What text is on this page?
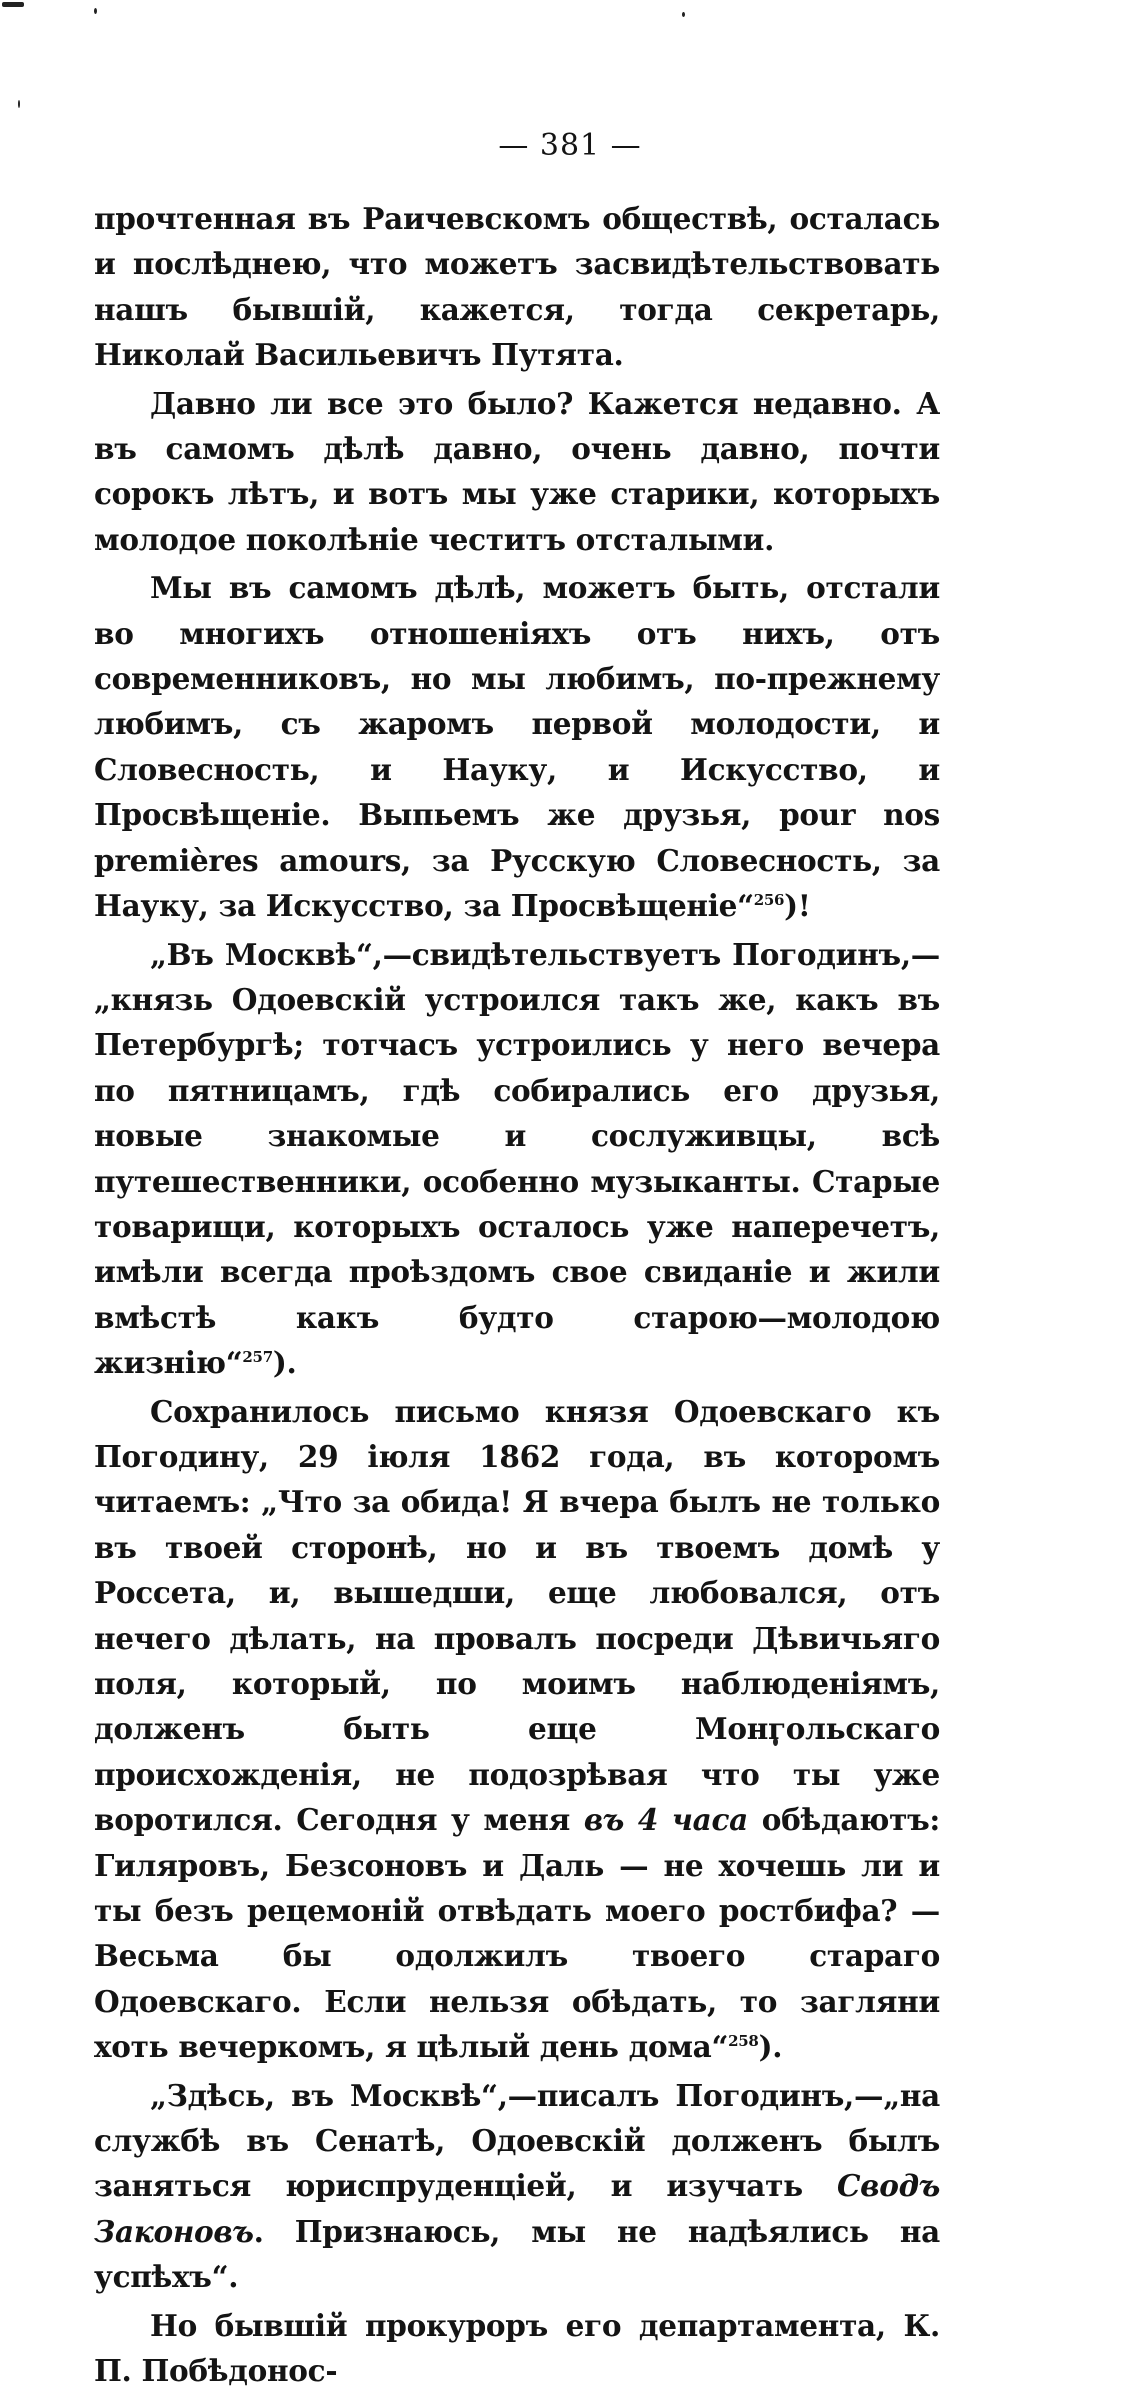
— 381 —

прочтенная въ Раичевскомъ обществѣ, осталась и послѣднею, что можетъ засвидѣтельствовать нашъ бывшій, кажется, тогда секретарь, Николай Васильевичъ Путята.

Давно ли все это было? Кажется недавно. А въ самомъ дѣлѣ давно, очень давно, почти сорокъ лѣтъ, и вотъ мы уже старики, которыхъ молодое поколѣніе честитъ отсталыми.

Мы въ самомъ дѣлѣ, можетъ быть, отстали во многихъ отношеніяхъ отъ нихъ, отъ современниковъ, но мы любимъ, по-прежнему любимъ, съ жаромъ первой молодости, и Словесность, и Науку, и Искусство, и Просвѣщеніе. Выпьемъ же друзья, pour nos premières amours, за Русскую Словесность, за Науку, за Искусство, за Просвѣщеніе“$^{256}$)!

„Въ Москвѣ“,—свидѣтельствуетъ Погодинъ,—„князь Одоевскій устроился такъ же, какъ въ Петербургѣ; тотчасъ устроились у него вечера по пятницамъ, гдѣ собирались его друзья, новые знакомые и сослуживцы, всѣ путешественники, особенно музыканты. Старые товарищи, которыхъ осталось уже наперечетъ, имѣли всегда проѣздомъ свое свиданіе и жили вмѣстѣ какъ будто старою—молодою жизнію“$^{257}$).

Сохранилось письмо князя Одоевскаго къ Погодину, 29 іюля 1862 года, въ которомъ читаемъ: „Что за обида! Я вчера былъ не только въ твоей сторонѣ, но и въ твоемъ домѣ у Россета, и, вышедши, еще любовался, отъ нечего дѣлать, на провалъ посреди Дѣвичьяго поля, который, по моимъ наблюденіямъ, долженъ быть еще Монгольскаго происхожденія, не подозрѣвая что ты уже воротился. Сегодня у меня въ 4 часа обѣдаютъ: Гиляровъ, Безсоновъ и Даль — не хочешь ли и ты безъ рецемоній отвѣдать моего ростбифа? — Весьма бы одолжилъ твоего стараго Одоевскаго. Если нельзя обѣдать, то загляни хоть вечеркомъ, я цѣлый день дома“$^{258}$).

„Здѣсь, въ Москвѣ“,—писалъ Погодинъ,—„на службѣ въ Сенатѣ, Одоевскій долженъ былъ заняться юриспруденціей, и изучать Сводъ Законовъ. Признаюсь, мы не надѣялись на успѣхъ“.

Но бывшій прокуроръ его департамента, К. П. Побѣдонос-
